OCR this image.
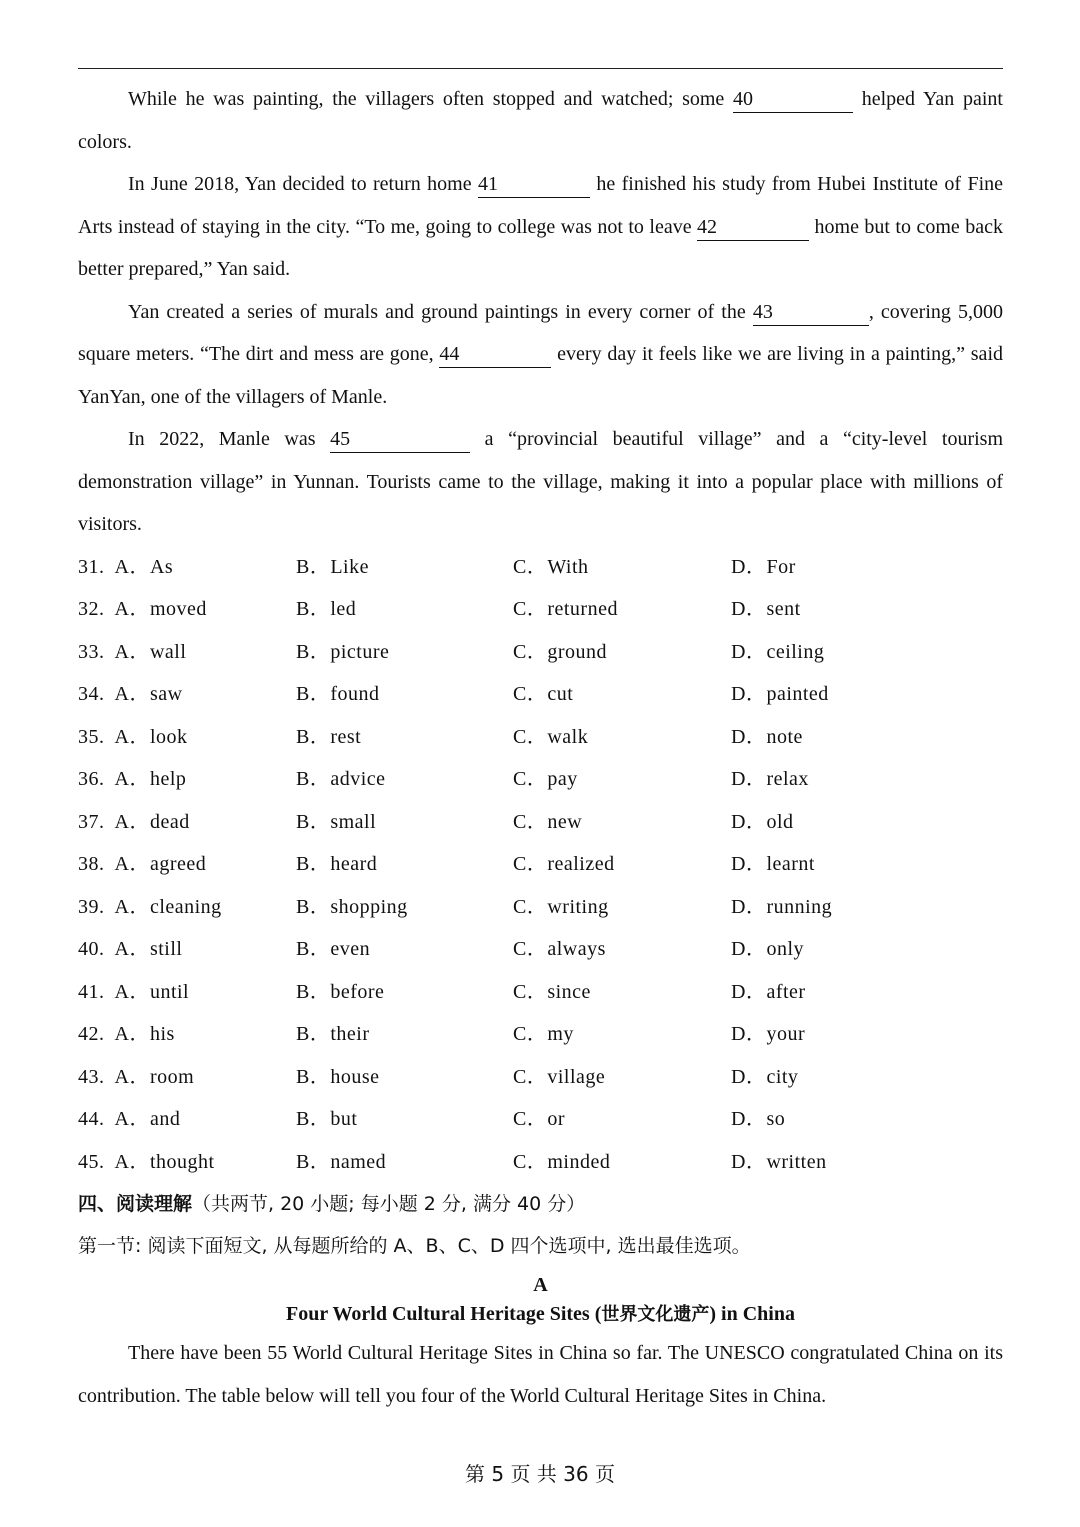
While he was painting, the villagers often stopped and watched; some 40	helped Yan paint colors.

In June 2018, Yan decided to return home 41	he finished his study from Hubei Institute of Fine Arts instead of staying in the city. “To me, going to college was not to leave 42	home but to come back better prepared,” Yan said.

Yan created a series of murals and ground paintings in every corner of the 43	, covering 5,000 square meters. “The dirt and mess are gone, 44	every day it feels like we are living in a painting,” said YanYan, one of the villagers of Manle.

In 2022, Manle was 45	a “provincial beautiful village” and a “city-level tourism demonstration village” in Yunnan. Tourists came to the village, making it into a popular place with millions of visitors.

31. A．As	B．Like	C．With	D．For
32. A．moved	B．led	C．returned	D．sent
33. A．wall	B．picture	C．ground	D．ceiling
34. A．saw	B．found	C．cut	D．painted
35. A．look	B．rest	C．walk	D．note
36. A．help	B．advice	C．pay	D．relax
37. A．dead	B．small	C．new	D．old
38. A．agreed	B．heard	C．realized	D．learnt
39. A．cleaning	B．shopping	C．writing	D．running
40. A．still	B．even	C．always	D．only
41. A．until	B．before	C．since	D．after
42. A．his	B．their	C．my	D．your
43. A．room	B．house	C．village	D．city
44. A．and	B．but	C．or	D．so
45. A．thought	B．named	C．minded	D．written

四、阅读理解（共两节, 20 小题; 每小题 2 分, 满分 40 分）

第一节: 阅读下面短文, 从每题所给的 A、B、C、D 四个选项中, 选出最佳选项。

A

Four World Cultural Heritage Sites (世界文化遗产) in China

There have been 55 World Cultural Heritage Sites in China so far. The UNESCO congratulated China on its contribution. The table below will tell you four of the World Cultural Heritage Sites in China.

第 5 页 共 36 页
